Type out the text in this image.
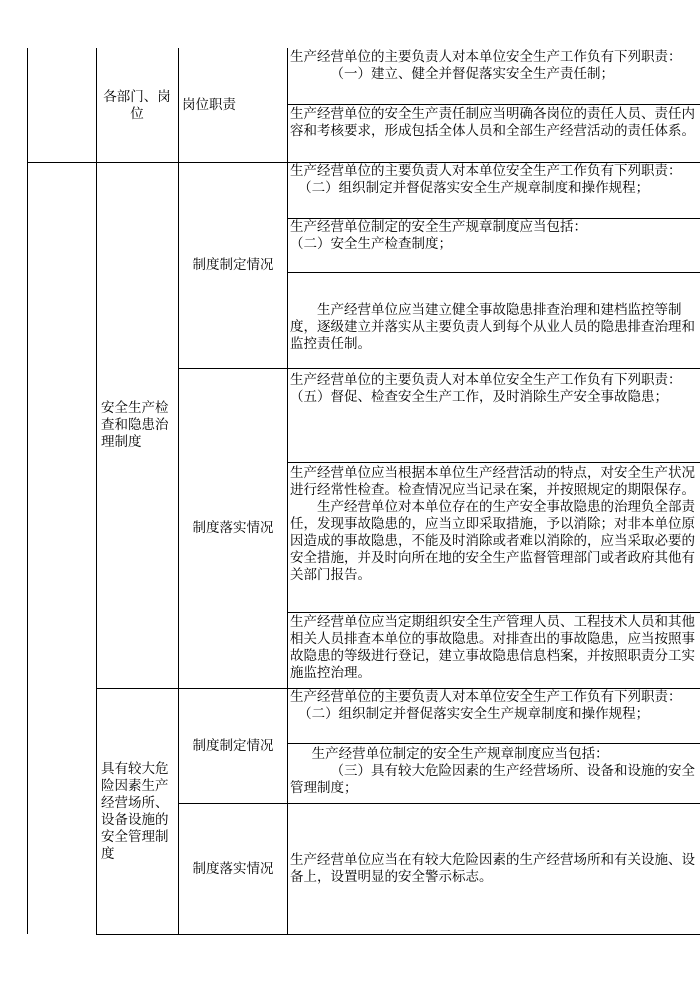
各部门、岗位
岗位职责

生产经营单位的主要负责人对本单位安全生产工作负有下列职责：

（一）建立、健全并督促落实安全生产责任制；

生产经营单位的安全生产责任制应当明确各岗位的责任人员、责任内容和考核要求，形成包括全体人员和全部生产经营活动的责任体系。

安全生产检查和隐患治理制度
制度制定情况

生产经营单位的主要负责人对本单位安全生产工作负有下列职责：

（二）组织制定并督促落实安全生产规章制度和操作规程；

生产经营单位制定的安全生产规章制度应当包括：

（二）安全生产检查制度；

生产经营单位应当建立健全事故隐患排查治理和建档监控等制度，逐级建立并落实从主要负责人到每个从业人员的隐患排查治理和监控责任制。

制度落实情况

生产经营单位的主要负责人对本单位安全生产工作负有下列职责：

（五）督促、检查安全生产工作，及时消除生产安全事故隐患；

生产经营单位应当根据本单位生产经营活动的特点，对安全生产状况进行经常性检查。检查情况应当记录在案，并按照规定的期限保存。

生产经营单位对本单位存在的生产安全事故隐患的治理负全部责任，发现事故隐患的，应当立即采取措施，予以消除；对非本单位原因造成的事故隐患，不能及时消除或者难以消除的，应当采取必要的安全措施，并及时向所在地的安全生产监督管理部门或者政府其他有关部门报告。

生产经营单位应当定期组织安全生产管理人员、工程技术人员和其他相关人员排查本单位的事故隐患。对排查出的事故隐患，应当按照事故隐患的等级进行登记，建立事故隐患信息档案，并按照职责分工实施监控治理。

具有较大危险因素生产经营场所、设备设施的安全管理制度
制度制定情况

生产经营单位的主要负责人对本单位安全生产工作负有下列职责：

（二）组织制定并督促落实安全生产规章制度和操作规程；

生产经营单位制定的安全生产规章制度应当包括：

（三）具有较大危险因素的生产经营场所、设备和设施的安全管理制度；

制度落实情况

生产经营单位应当在有较大危险因素的生产经营场所和有关设施、设备上，设置明显的安全警示标志。
